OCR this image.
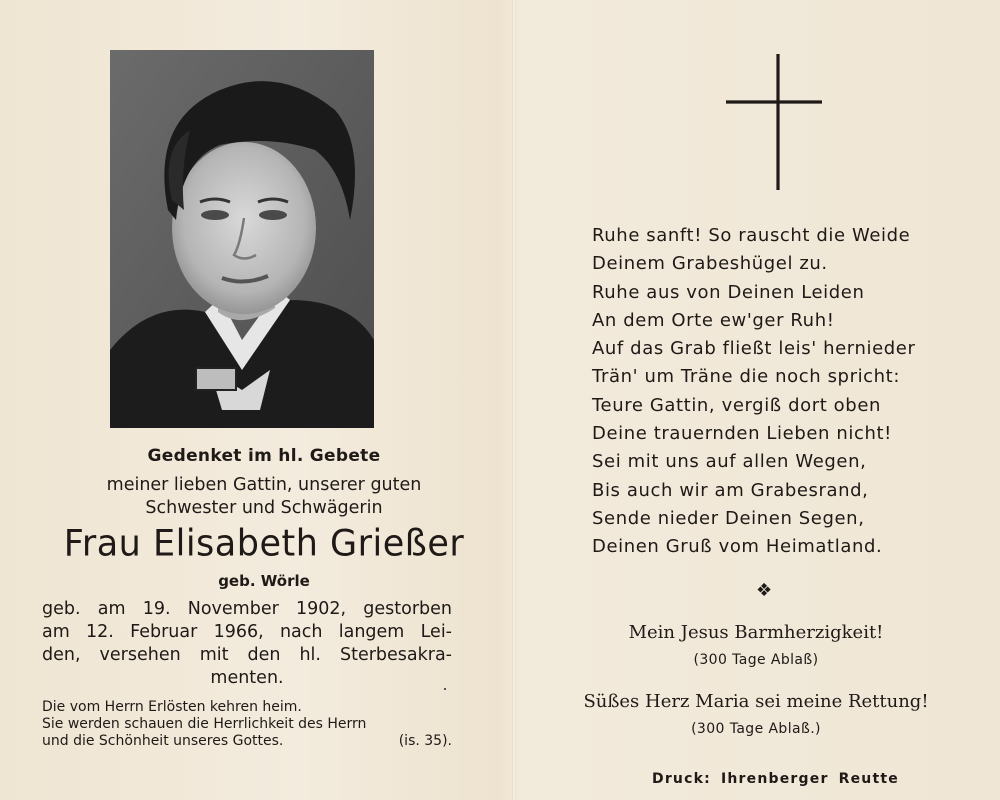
Gedenket im hl. Gebete
meiner lieben Gattin, unserer guten
Schwester und Schwägerin
Frau Elisabeth Grießer
geb. Wörle
geb. am 19. November 1902, gestorben
am 12. Februar 1966, nach langem Lei-
den, versehen mit den hl. Sterbesakra-
menten.
Die vom Herrn Erlösten kehren heim.
Sie werden schauen die Herrlichkeit des Herrn
und die Schönheit unseres Gottes.	(is. 35).
Ruhe sanft! So rauscht die Weide
Deinem Grabeshügel zu.
Ruhe aus von Deinen Leiden
An dem Orte ew'ger Ruh!
Auf das Grab fließt leis' hernieder
Trän' um Träne die noch spricht:
Teure Gattin, vergiß dort oben
Deine trauernden Lieben nicht!
Sei mit uns auf allen Wegen,
Bis auch wir am Grabesrand,
Sende nieder Deinen Segen,
Deinen Gruß vom Heimatland.
❖
Mein Jesus Barmherzigkeit!
(300 Tage Ablaß)
Süßes Herz Maria sei meine Rettung!
(300 Tage Ablaß.)
Druck: Ihrenberger Reutte
